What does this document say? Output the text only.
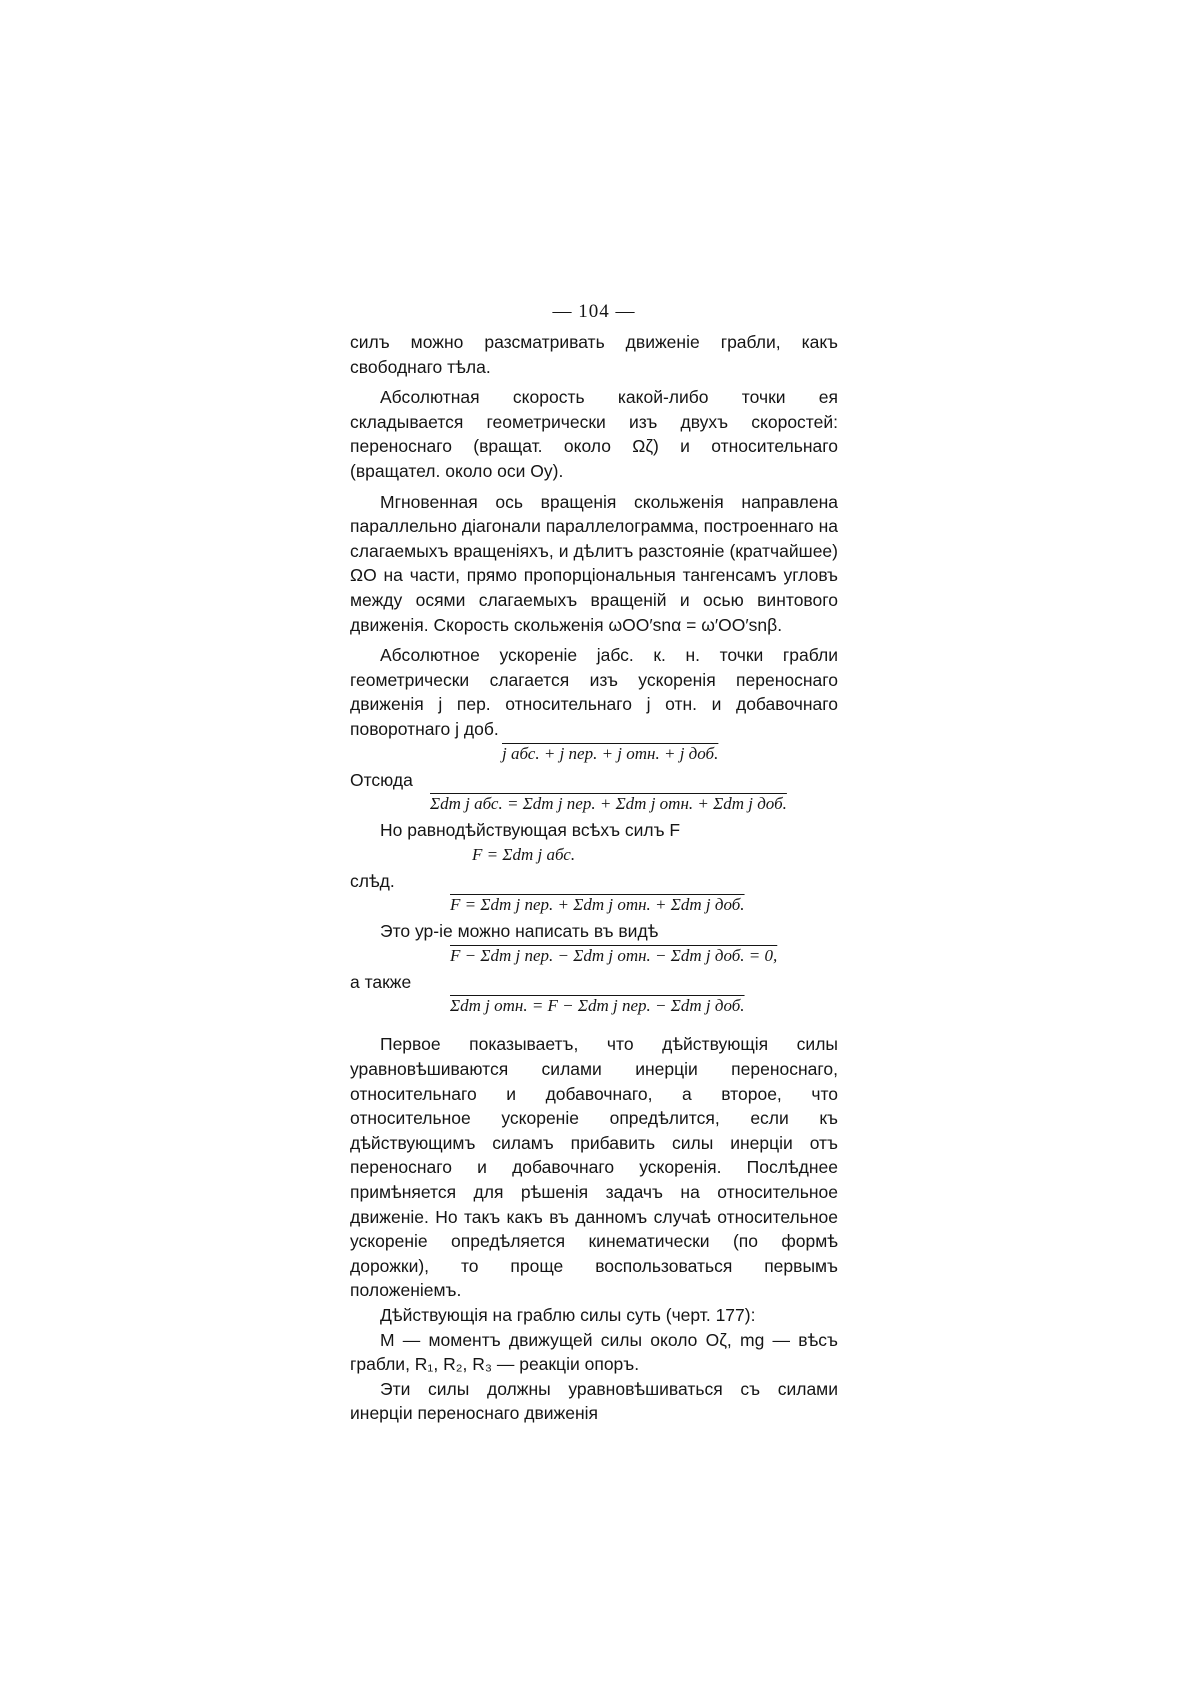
— 104 —

силъ можно разсматривать движенiе грабли, какъ свободнаго тѣла.

Абсолютная скорость какой-либо точки ея складывается геометрически изъ двухъ скоростей: переноснаго (вращат. около Ωζ) и относительнаго (вращател. около оси Oy).

Мгновенная ось вращенiя скольженiя направлена параллельно дiагонали параллелограмма, построеннаго на слагаемыхъ вращенiяхъ, и дѣлитъ разстоянiе (кратчайшее) ΩO на части, прямо пропорцiональныя тангенсамъ угловъ между осями слагаемыхъ вращенiй и осью винтового движенiя. Скорость скольженiя ωOO′snα = ω′OO′snβ.

Абсолютное ускоренiе jабс. к. н. точки грабли геометрически слагается изъ ускоренiя переноснаго движенiя j пер. относительнаго j отн. и добавочнаго поворотнаго j доб.

j абс. + j пер. + j отн. + j доб.
Отсюда
Σdm j абс. = Σdm j пер. + Σdm j отн. + Σdm j доб.
Но равнодѣйствующая всѣхъ силъ F
F = Σdm j абс.
слѣд.
F = Σdm j пер. + Σdm j отн. + Σdm j доб.
Это ур-iе можно написать въ видѣ
F − Σdm j пер. − Σdm j отн. − Σdm j доб. = 0,
а также
Σdm j отн. = F − Σdm j пер. − Σdm j доб.

Первое показываетъ, что дѣйствующiя силы уравновѣшиваются силами инерцiи переноснаго, относительнаго и добавочнаго, а второе, что относительное ускоренiе опредѣлится, если къ дѣйствующимъ силамъ прибавить силы инерцiи отъ переноснаго и добавочнаго ускоренiя. Послѣднее примѣняется для рѣшенiя задачъ на относительное движенiе. Но такъ какъ въ данномъ случаѣ относительное ускоренiе опредѣляется кинематически (по формѣ дорожки), то проще воспользоваться первымъ положенiемъ.

Дѣйствующiя на граблю силы суть (черт. 177):

M — моментъ движущей силы около Oζ, mg — вѣсъ грабли, R₁, R₂, R₃ — реакцiи опоръ.

Эти силы должны уравновѣшиваться съ силами инерцiи переноснаго движенiя
